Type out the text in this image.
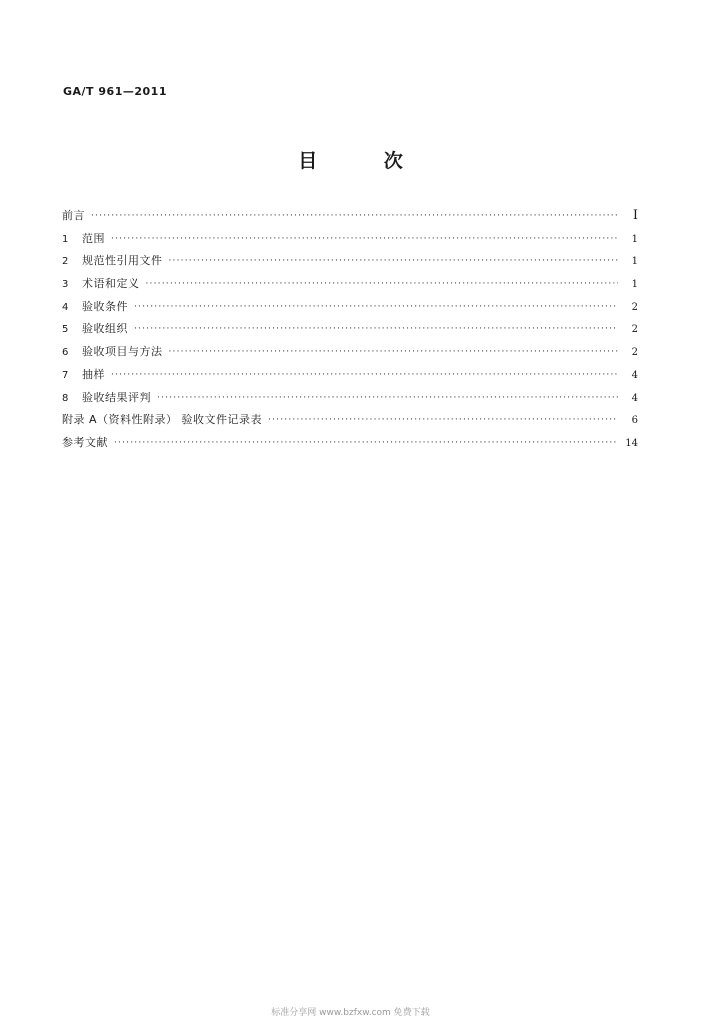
GA/T 961—2011
目 次
前言 ·····	I
1	范围 ·····	1
2	规范性引用文件 ·····	1
3	术语和定义 ·····	1
4	验收条件 ·····	2
5	验收组织 ·····	2
6	验收项目与方法 ·····	2
7	抽样 ·····	4
8	验收结果评判 ·····	4
附录 A（资料性附录） 验收文件记录表 ·····	6
参考文献 ·····	14
标准分享网 www.bzfxw.com 免费下载
